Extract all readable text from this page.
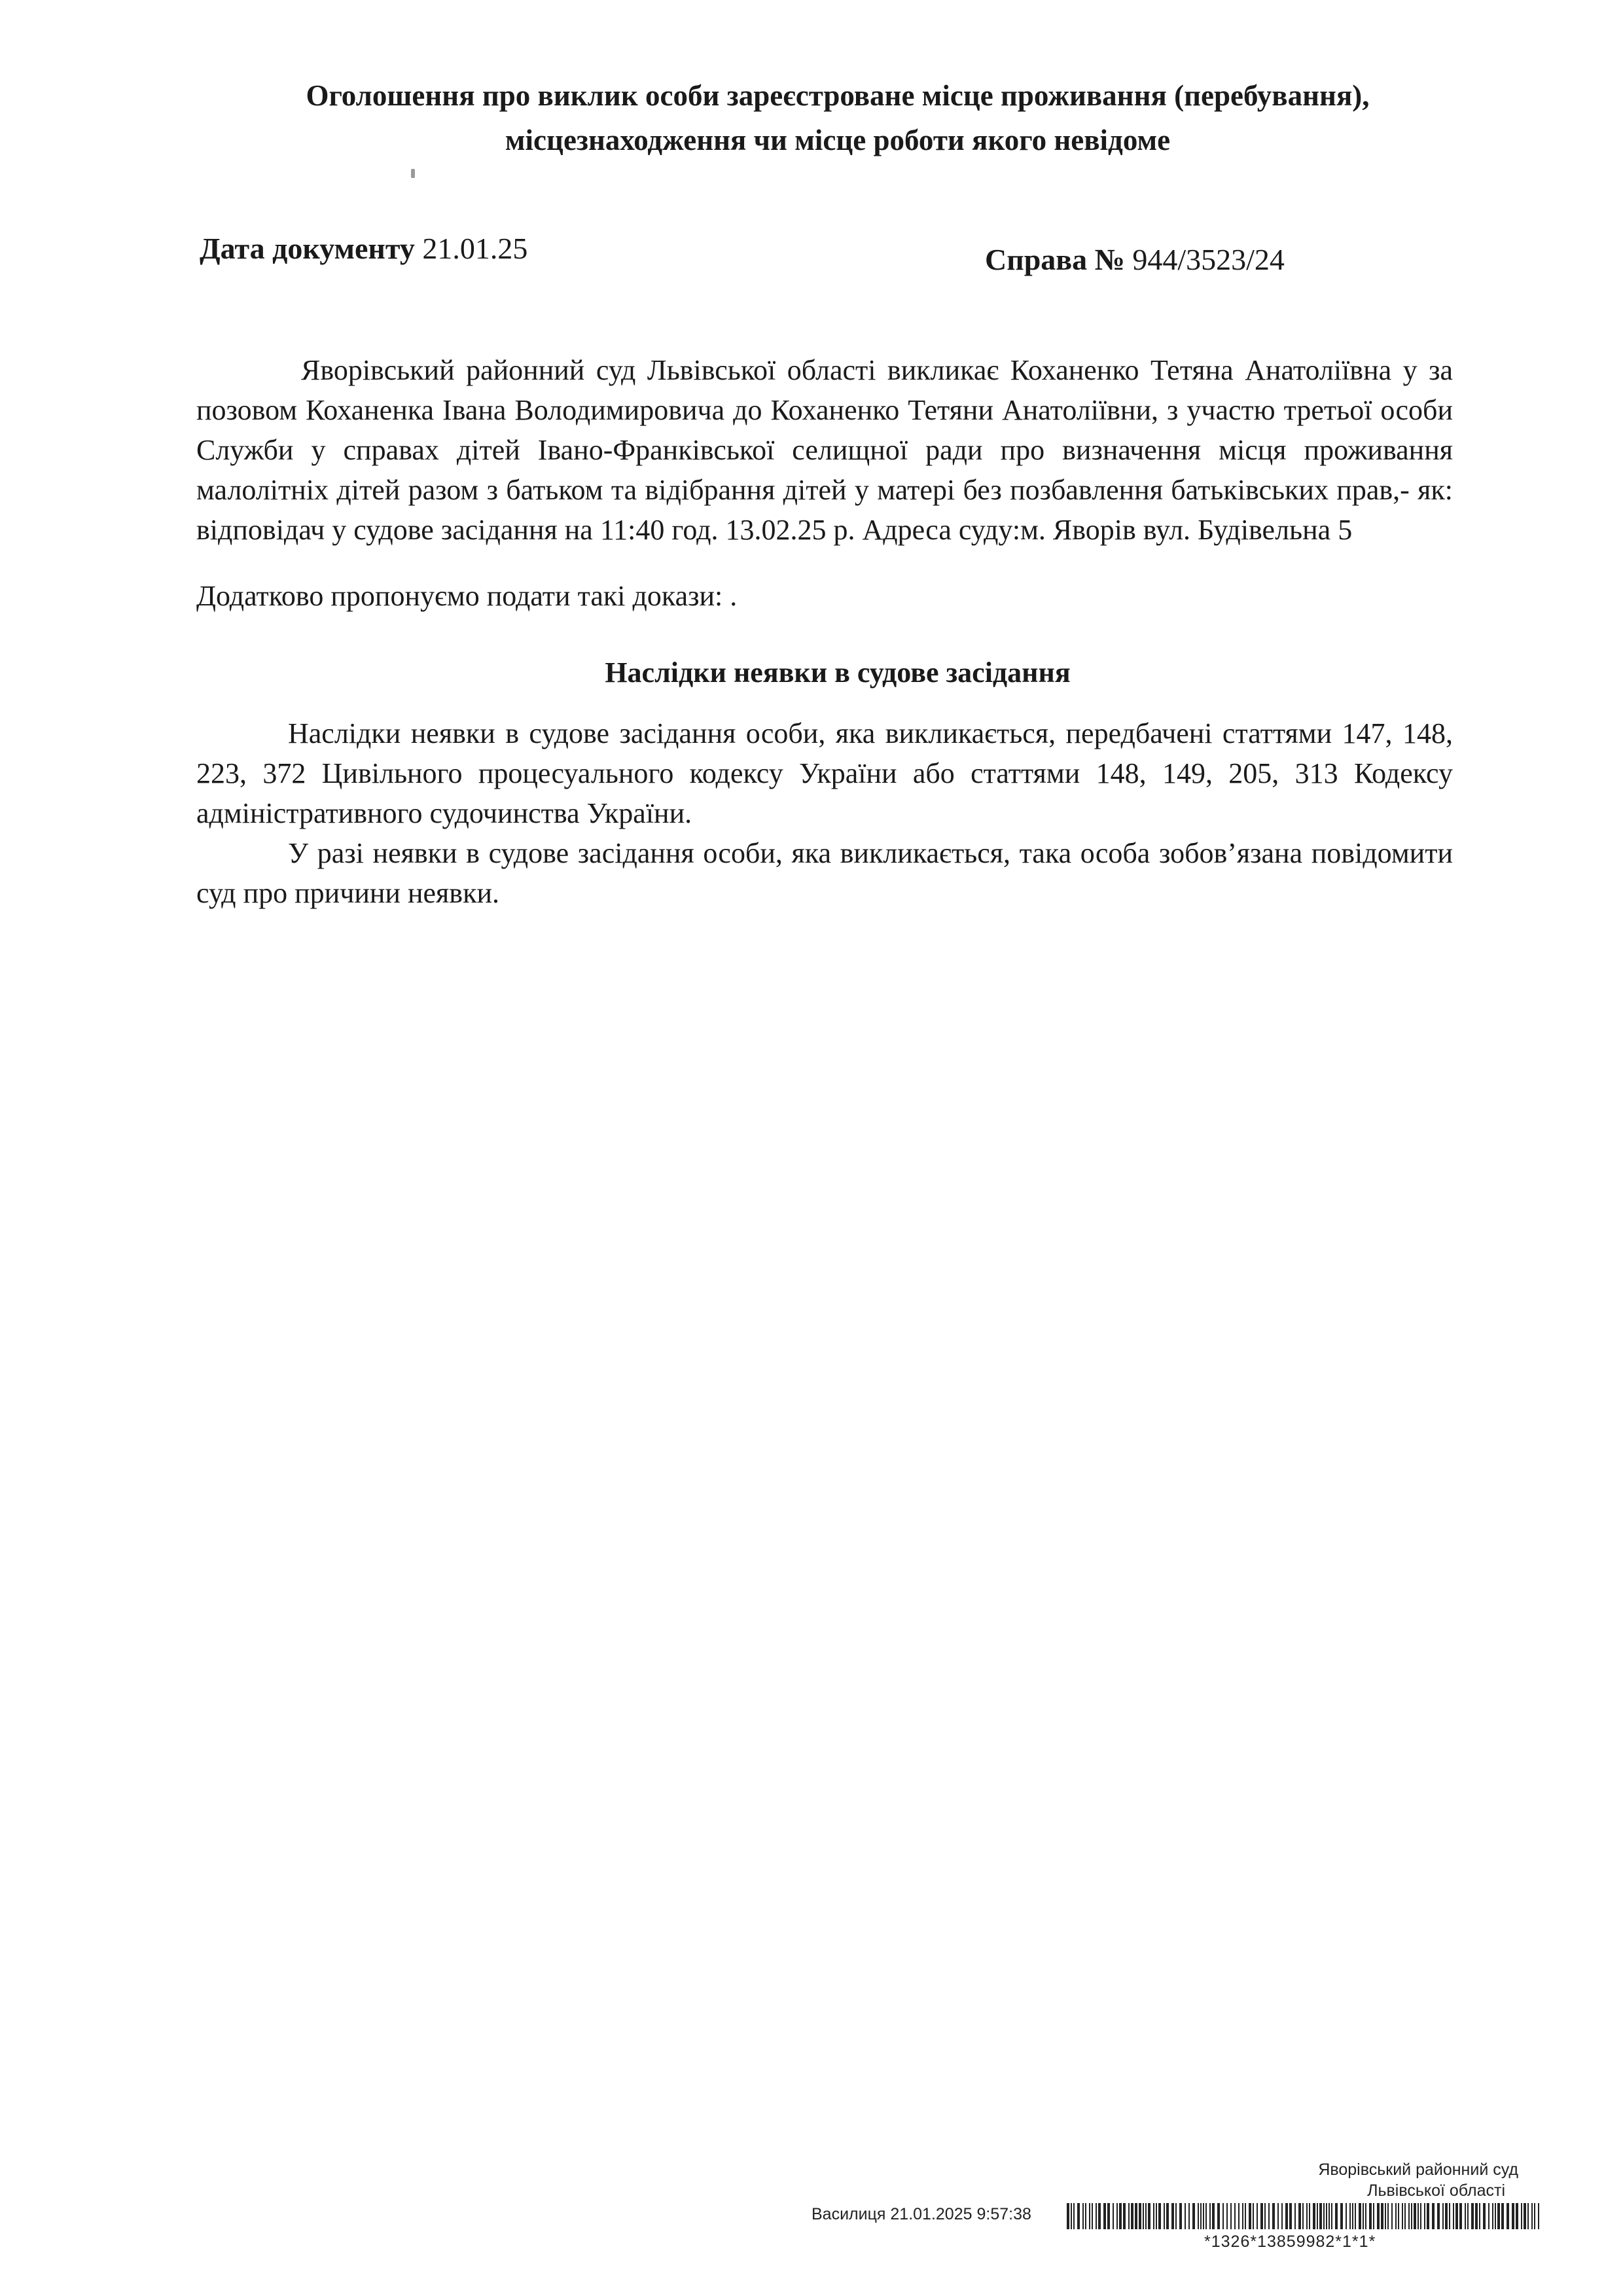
Оголошення про виклик особи зареєстроване місце проживання (перебування),
місцезнаходження чи місце роботи якого невідоме
Дата документу 21.01.25	Справа № 944/3523/24
Яворівський районний суд Львівської області викликає Коханенко Тетяна Анатоліївна у за позовом Коханенка Івана Володимировича до Коханенко Тетяни Анатоліївни, з участю третьої особи Служби у справах дітей Івано-Франківської селищної ради про визначення місця проживання малолітніх дітей разом з батьком та відібрання дітей у матері без позбавлення батьківських прав,- як: відповідач у судове засідання на 11:40 год. 13.02.25 р. Адреса суду:м. Яворів вул. Будівельна 5
Додатково пропонуємо подати такі докази: .
Наслідки неявки в судове засідання
Наслідки неявки в судове засідання особи, яка викликається, передбачені статтями 147, 148, 223, 372 Цивільного процесуального кодексу України або статтями 148, 149, 205, 313 Кодексу адміністративного судочинства України.
У разі неявки в судове засідання особи, яка викликається, така особа зобов’язана повідомити суд про причини неявки.
Яворівський районний суд
Львівської області
Василиця 21.01.2025 9:57:38
*1326*13859982*1*1*
